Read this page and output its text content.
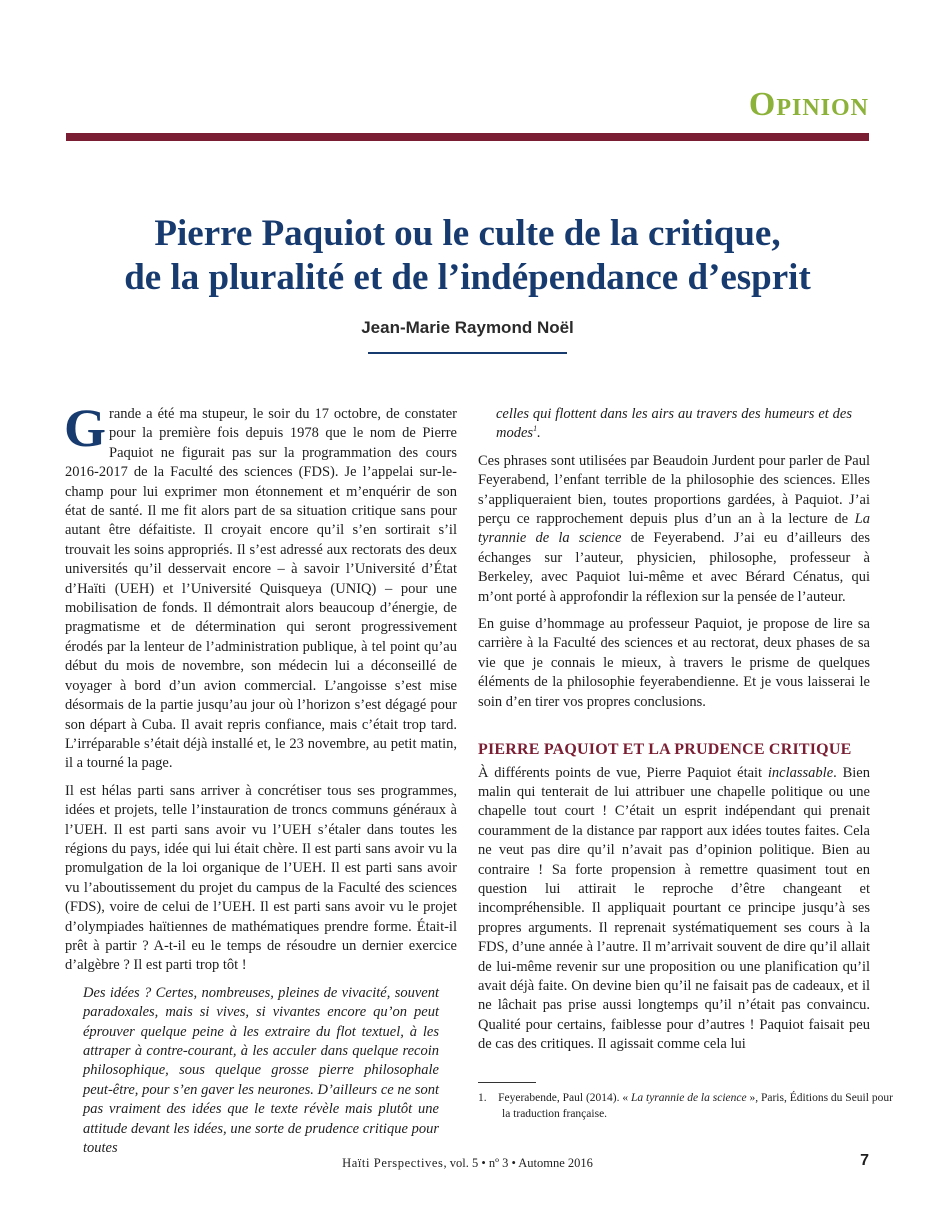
Opinion
Pierre Paquiot ou le culte de la critique,
de la pluralité et de l’indépendance d’esprit
Jean-Marie Raymond Noël

Grande a été ma stupeur, le soir du 17 octobre, de constater pour la première fois depuis 1978 que le nom de Pierre Paquiot ne figurait pas sur la programmation des cours 2016-2017 de la Faculté des sciences (FDS). Je l’appelai sur-le-champ pour lui exprimer mon étonnement et m’enquérir de son état de santé. Il me fit alors part de sa situation critique sans pour autant être défaitiste. Il croyait encore qu’il s’en sortirait s’il trouvait les soins appropriés. Il s’est adressé aux rectorats des deux universités qu’il desservait encore – à savoir l’Université d’État d’Haïti (UEH) et l’Université Quisqueya (UNIQ) – pour une mobilisation de fonds. Il démontrait alors beaucoup d’énergie, de pragmatisme et de détermination qui seront progressivement érodés par la lenteur de l’administration publique, à tel point qu’au début du mois de novembre, son médecin lui a déconseillé de voyager à bord d’un avion commercial. L’angoisse s’est mise désormais de la partie jusqu’au jour où l’horizon s’est dégagé pour son départ à Cuba. Il avait repris confiance, mais c’était trop tard. L’irréparable s’était déjà installé et, le 23 novembre, au petit matin, il a tourné la page.

Il est hélas parti sans arriver à concrétiser tous ses programmes, idées et projets, telle l’instauration de troncs communs généraux à l’UEH. Il est parti sans avoir vu l’UEH s’étaler dans toutes les régions du pays, idée qui lui était chère. Il est parti sans avoir vu la promulgation de la loi organique de l’UEH. Il est parti sans avoir vu l’aboutissement du projet du campus de la Faculté des sciences (FDS), voire de celui de l’UEH. Il est parti sans avoir vu le projet d’olympiades haïtiennes de mathématiques prendre forme. Était-il prêt à partir ? A-t-il eu le temps de résoudre un dernier exercice d’algèbre ? Il est parti trop tôt !

Des idées ? Certes, nombreuses, pleines de vivacité, souvent paradoxales, mais si vives, si vivantes encore qu’on peut éprouver quelque peine à les extraire du flot textuel, à les attraper à contre-courant, à les acculer dans quelque recoin philosophique, sous quelque grosse pierre philosophale peut-être, pour s’en gaver les neurones. D’ailleurs ce ne sont pas vraiment des idées que le texte révèle mais plutôt une attitude devant les idées, une sorte de prudence critique pour toutes

celles qui flottent dans les airs au travers des humeurs et des modes$^1$.

Ces phrases sont utilisées par Beaudoin Jurdent pour parler de Paul Feyerabend, l’enfant terrible de la philosophie des sciences. Elles s’appliqueraient bien, toutes proportions gardées, à Paquiot. J’ai perçu ce rapprochement depuis plus d’un an à la lecture de La tyrannie de la science de Feyerabend. J’ai eu d’ailleurs des échanges sur l’auteur, physicien, philosophe, professeur à Berkeley, avec Paquiot lui-même et avec Bérard Cénatus, qui m’ont porté à approfondir la réflexion sur la pensée de l’auteur.

En guise d’hommage au professeur Paquiot, je propose de lire sa carrière à la Faculté des sciences et au rectorat, deux phases de sa vie que je connais le mieux, à travers le prisme de quelques éléments de la philosophie feyerabendienne. Et je vous laisserai le soin d’en tirer vos propres conclusions.

PIERRE PAQUIOT ET LA PRUDENCE CRITIQUE

À différents points de vue, Pierre Paquiot était inclassable. Bien malin qui tenterait de lui attribuer une chapelle politique ou une chapelle tout court ! C’était un esprit indépendant qui prenait couramment de la distance par rapport aux idées toutes faites. Cela ne veut pas dire qu’il n’avait pas d’opinion politique. Bien au contraire ! Sa forte propension à remettre quasiment tout en question lui attirait le reproche d’être changeant et incompréhensible. Il appliquait pourtant ce principe jusqu’à ses propres arguments. Il reprenait systématiquement ses cours à la FDS, d’une année à l’autre. Il m’arrivait souvent de dire qu’il allait de lui-même revenir sur une proposition ou une planification qu’il avait déjà faite. On devine bien qu’il ne faisait pas de cadeaux, et il ne lâchait pas prise aussi longtemps qu’il n’était pas convaincu. Qualité pour certains, faiblesse pour d’autres ! Paquiot faisait peu de cas des critiques. Il agissait comme cela lui

1. Feyerabende, Paul (2014). « La tyrannie de la science », Paris, Éditions du Seuil pour la traduction française.
Haïti Perspectives, vol. 5 • nº 3 • Automne 2016	7
